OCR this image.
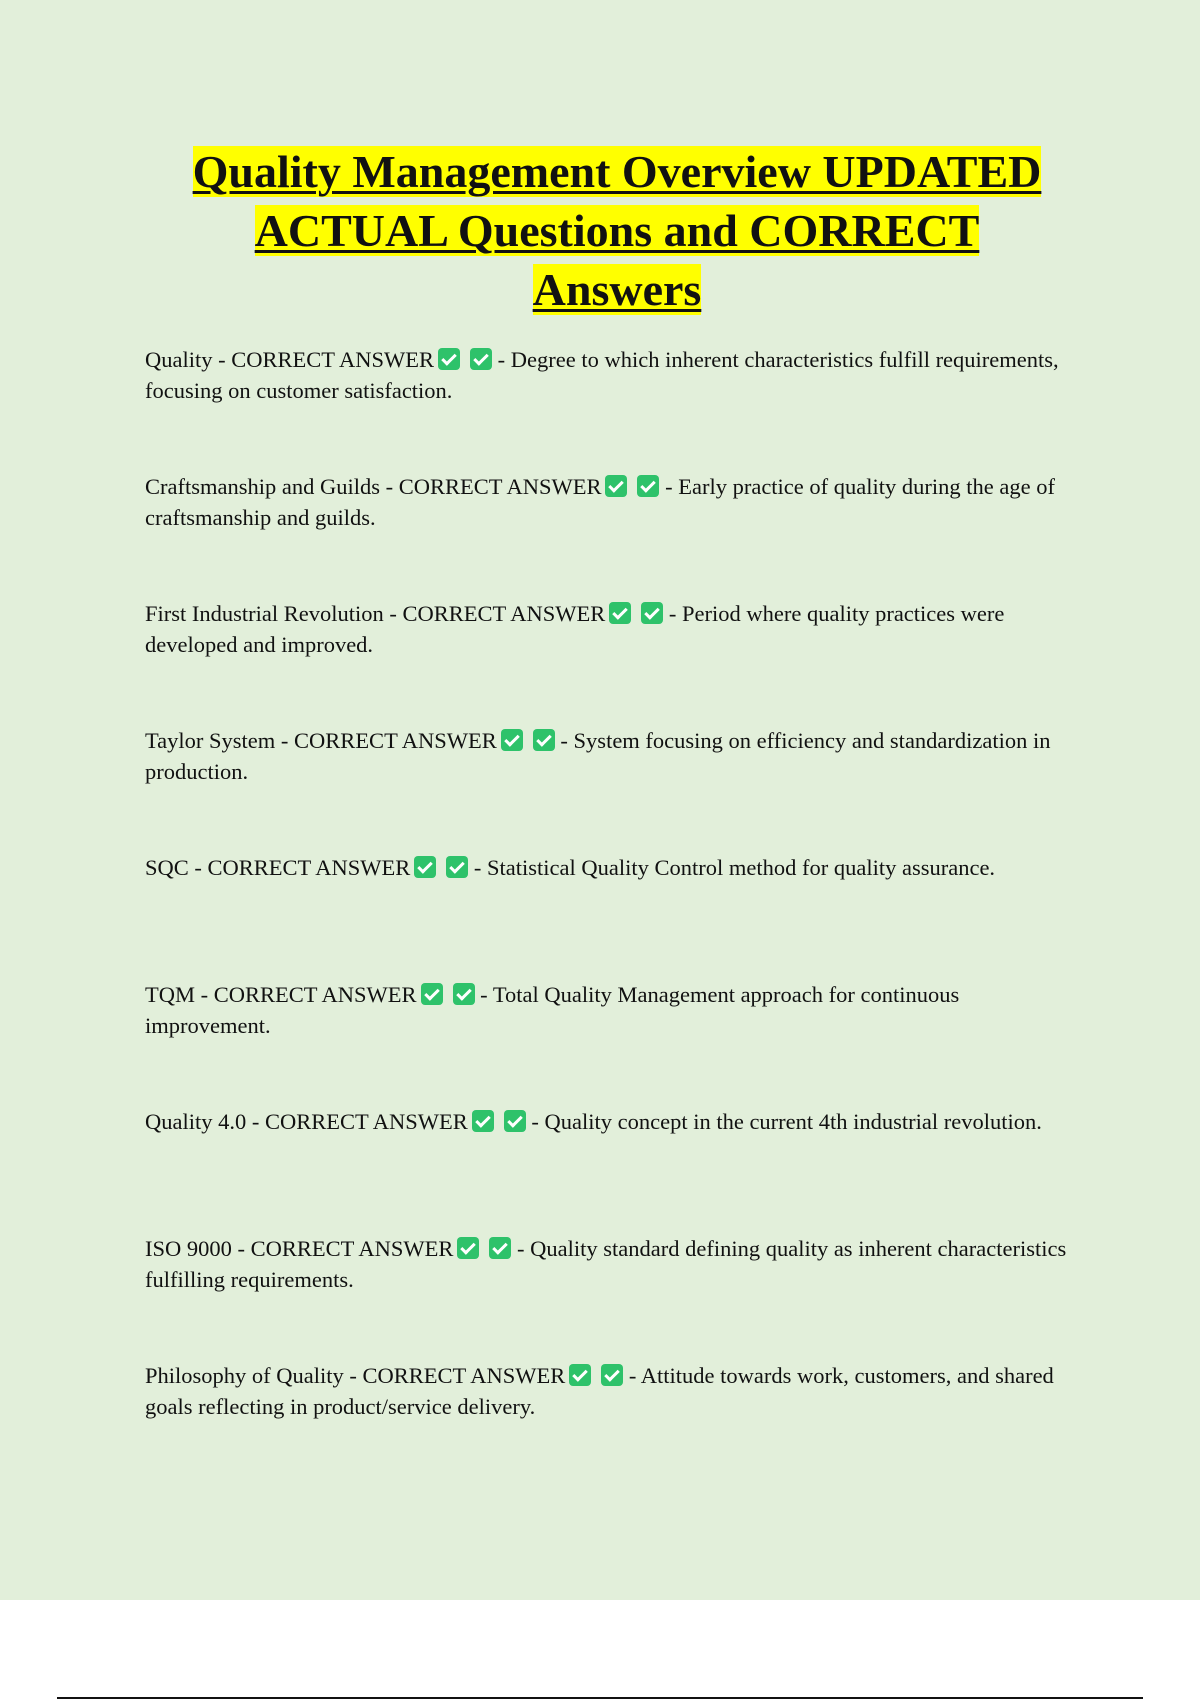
Quality Management Overview UPDATED
ACTUAL Questions and CORRECT
Answers
Quality - CORRECT ANSWER	- Degree to which inherent characteristics fulfill requirements, focusing on customer satisfaction.
Craftsmanship and Guilds - CORRECT ANSWER	- Early practice of quality during the age of craftsmanship and guilds.
First Industrial Revolution - CORRECT ANSWER	- Period where quality practices were developed and improved.
Taylor System - CORRECT ANSWER	- System focusing on efficiency and standardization in production.
SQC - CORRECT ANSWER	- Statistical Quality Control method for quality assurance.
TQM - CORRECT ANSWER	- Total Quality Management approach for continuous improvement.
Quality 4.0 - CORRECT ANSWER	- Quality concept in the current 4th industrial revolution.
ISO 9000 - CORRECT ANSWER	- Quality standard defining quality as inherent characteristics fulfilling requirements.
Philosophy of Quality - CORRECT ANSWER	- Attitude towards work, customers, and shared goals reflecting in product/service delivery.
